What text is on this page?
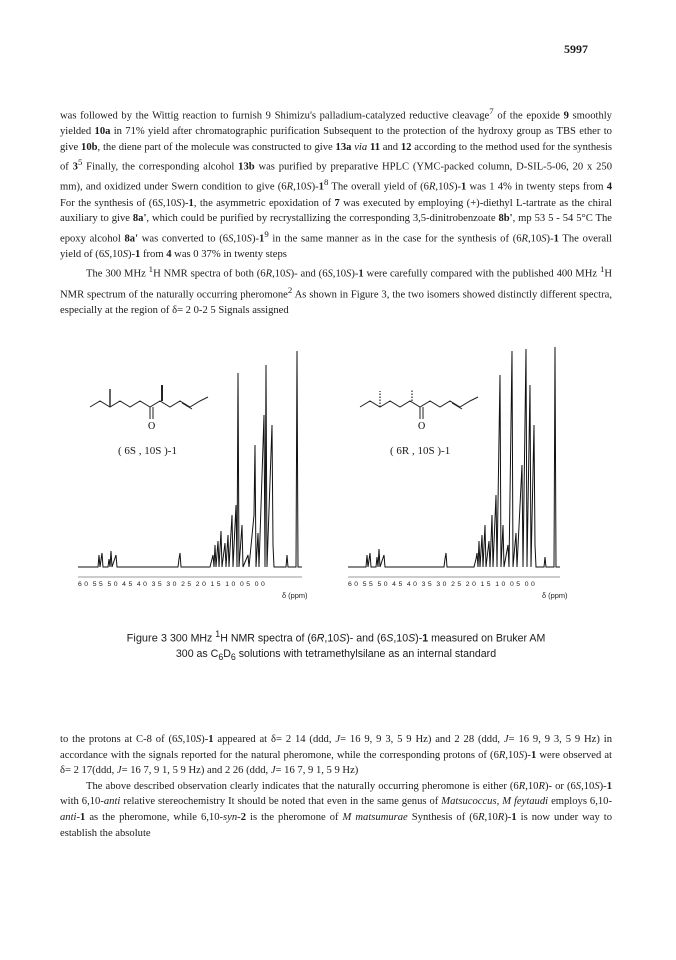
5997

was followed by the Wittig reaction to furnish 9 Shimizu's palladium-catalyzed reductive cleavage$^7$ of the epoxide 9 smoothly yielded 10a in 71% yield after chromatographic purification Subsequent to the protection of the hydroxy group as TBS ether to give 10b, the diene part of the molecule was constructed to give 13a via 11 and 12 according to the method used for the synthesis of $3^5$ Finally, the corresponding alcohol 13b was purified by preparative HPLC (YMC-packed column, D-SIL-5-06, 20 x 250 mm), and oxidized under Swern condition to give $(6R,10S)-1^8$ The overall yield of (6R,10S)-1 was 1 4% in twenty steps from 4 For the synthesis of (6S,10S)-1, the asymmetric epoxidation of 7 was executed by employing (+)-diethyl L-tartrate as the chiral auxiliary to give 8a', which could be purified by recrystallizing the corresponding 3,5-dinitrobenzoate 8b', mp 53 5 - 54 5°C The epoxy alcohol 8a' was converted to $(6S,10S)-1^9$ in the same manner as in the case for the synthesis of (6R,10S)-1 The overall yield of (6S,10S)-1 from 4 was 0 37% in twenty steps

The 300 MHz $^1$H NMR spectra of both (6R,10S)- and (6S,10S)-1 were carefully compared with the published 400 MHz $^1$H NMR spectrum of the naturally occurring pheromone$^2$ As shown in Figure 3, the two isomers showed distinctly different spectra, especially at the region of δ= 2 0-2 5 Signals assigned

O	O
( 6S , 10S )-1	( 6R , 10S )-1
6 0  5 5  5 0  4 5  4 0  3 5  3 0  2 5  2 0  1 5  1 0  0 5  0 0
δ (ppm)
6 0  5 5  5 0  4 5  4 0  3 5  3 0  2 5  2 0  1 5  1 0  0 5  0 0
δ (ppm)
Figure 3 300 MHz $^1$H NMR spectra of (6R,10S)- and (6S,10S)-1 measured on Bruker AM
300 as $C_6D_6$ solutions with tetramethylsilane as an internal standard

to the protons at C-8 of (6S,10S)-1 appeared at δ= 2 14 (ddd, J= 16 9, 9 3, 5 9 Hz) and 2 28 (ddd, J= 16 9, 9 3, 5 9 Hz) in accordance with the signals reported for the natural pheromone, while the corresponding protons of (6R,10S)-1 were observed at δ= 2 17(ddd, J= 16 7, 9 1, 5 9 Hz) and 2 26 (ddd, J= 16 7, 9 1, 5 9 Hz)

The above described observation clearly indicates that the naturally occurring pheromone is either (6R,10R)- or (6S,10S)-1 with 6,10-anti relative stereochemistry It should be noted that even in the same genus of Matsucoccus, M feytaudi employs 6,10-anti-1 as the pheromone, while 6,10-syn-2 is the pheromone of M matsumurae Synthesis of (6R,10R)-1 is now under way to establish the absolute
